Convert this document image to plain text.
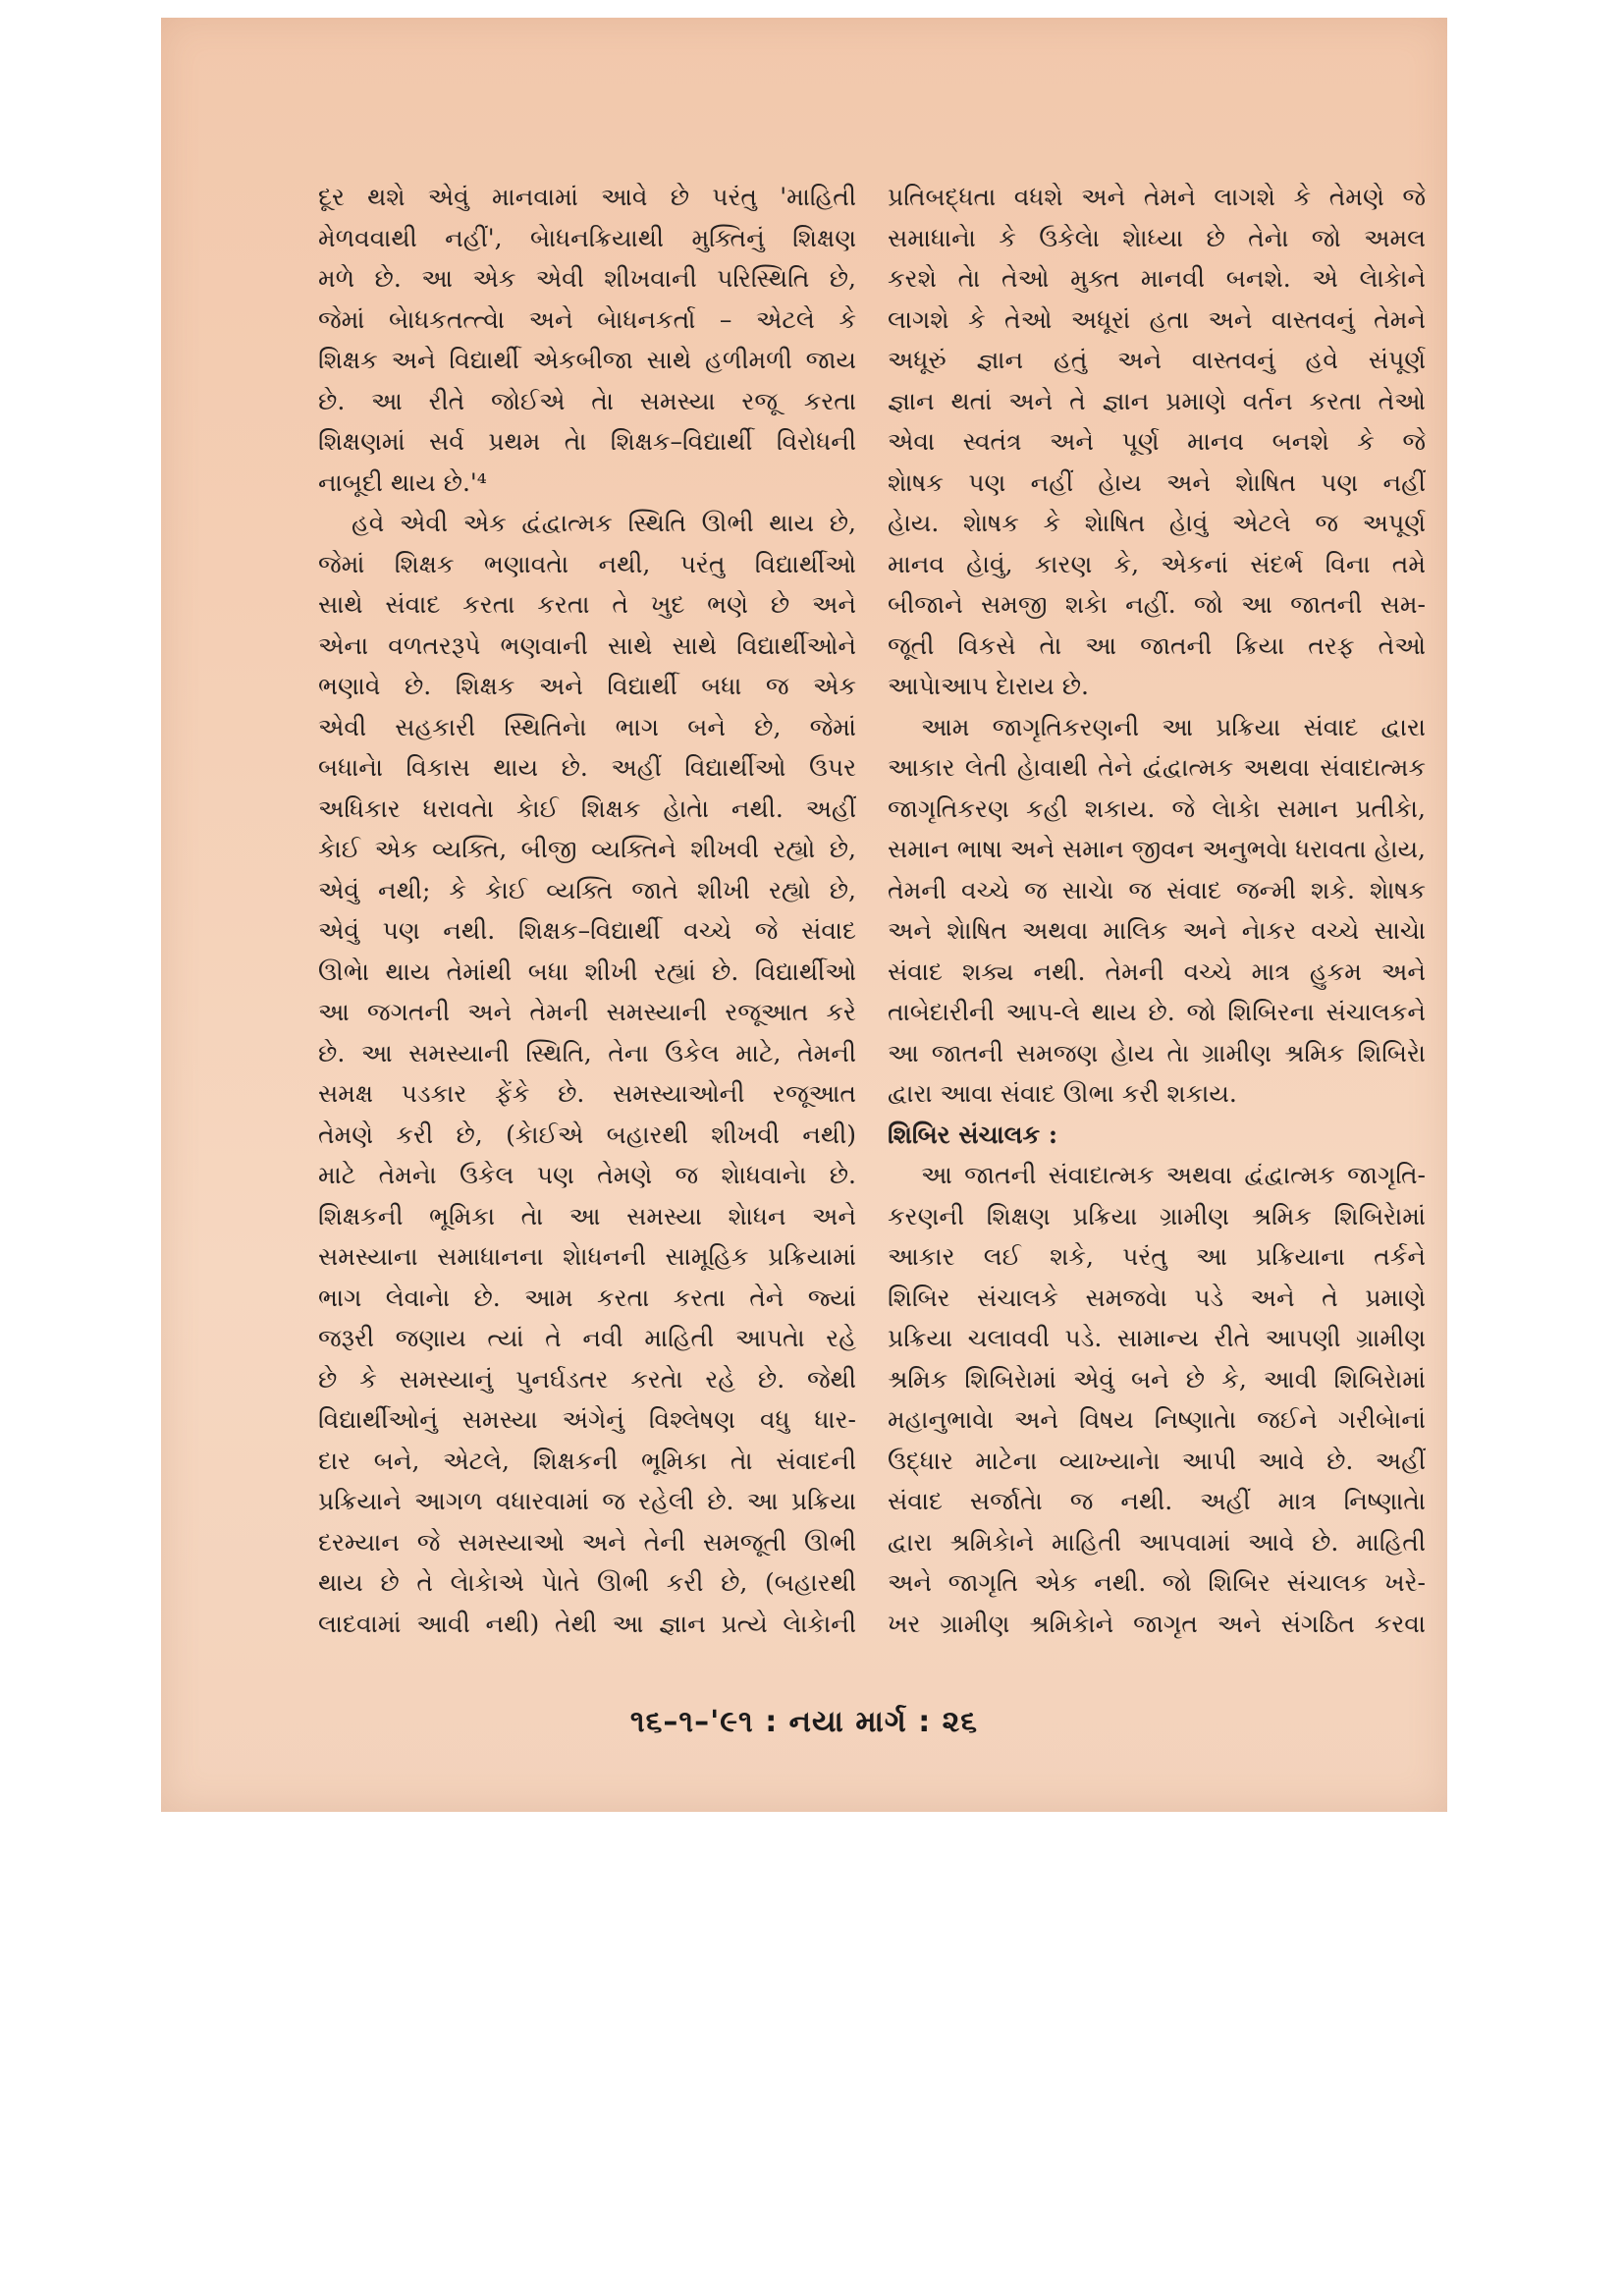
દૂર થશે એવું માનવામાં આવે છે પરંતુ 'માહિતી
મેળવવાથી નહીં', બેાધનક્રિયાથી મુક્તિનું શિક્ષણ
મળે છે. આ એક એવી શીખવાની પરિસ્થિતિ છે,
જેમાં બેાધકતત્ત્વેા અને બેાધનકર્તા – એટલે કે
શિક્ષક અને વિદ્યાર્થી એકબીજા સાથે હળીમળી જાય
છે. આ રીતે જોઈએ તેા સમસ્યા રજૂ કરતા
શિક્ષણમાં સર્વ પ્રથમ તેા શિક્ષક–વિદ્યાર્થી વિરોધની
નાબૂદી થાય છે.'⁴
હવે એવી એક દ્વંદ્વાત્મક સ્થિતિ ઊભી થાય છે,
જેમાં શિક્ષક ભણાવતેા નથી, પરંતુ વિદ્યાર્થીઓ
સાથે સંવાદ કરતા કરતા તે ખુદ ભણે છે અને
એના વળતરરૂપે ભણવાની સાથે સાથે વિદ્યાર્થીઓને
ભણાવે છે. શિક્ષક અને વિદ્યાર્થી બધા જ એક
એવી સહકારી સ્થિતિનેા ભાગ બને છે, જેમાં
બધાનેા વિકાસ થાય છે. અહીં વિદ્યાર્થીઓ ઉપર
અધિકાર ધરાવતેા કેાઈ શિક્ષક હેાતેા નથી. અહીં
કેાઈ એક વ્યક્તિ, બીજી વ્યક્તિને શીખવી રહ્યો છે,
એવું નથી; કે કેાઈ વ્યક્તિ જાતે શીખી રહ્યો છે,
એવું પણ નથી. શિક્ષક–વિદ્યાર્થી વચ્ચે જે સંવાદ
ઊભેા થાય તેમાંથી બધા શીખી રહ્યાં છે. વિદ્યાર્થીઓ
આ જગતની અને તેમની સમસ્યાની રજૂઆત કરે
છે. આ સમસ્યાની સ્થિતિ, તેના ઉકેલ માટે, તેમની
સમક્ષ પડકાર ફેંકે છે. સમસ્યાઓની રજૂઆત
તેમણે કરી છે, (કેાઈએ બહારથી શીખવી નથી)
માટે તેમનેા ઉકેલ પણ તેમણે જ શેાધવાનેા છે.
શિક્ષકની ભૂમિકા તેા આ સમસ્યા શેાધન અને
સમસ્યાના સમાધાનના શેાધનની સામૂહિક પ્રક્રિયામાં
ભાગ લેવાનેા છે. આમ કરતા કરતા તેને જ્યાં
જરૂરી જણાય ત્યાં તે નવી માહિતી આપતેા રહે
છે કે સમસ્યાનું પુનર્ઘડતર કરતેા રહે છે. જેથી
વિદ્યાર્થીઓનું સમસ્યા અંગેનું વિશ્લેષણ વધુ ધાર-
દાર બને, એટલે, શિક્ષકની ભૂમિકા તેા સંવાદની
પ્રક્રિયાને આગળ વધારવામાં જ રહેલી છે. આ પ્રક્રિયા
દરમ્યાન જે સમસ્યાઓ અને તેની સમજૂતી ઊભી
થાય છે તે લેાકેાએ પેાતે ઊભી કરી છે, (બહારથી
લાદવામાં આવી નથી) તેથી આ જ્ઞાન પ્રત્યે લેાકેાની
પ્રતિબદ્ધતા વધશે અને તેમને લાગશે કે તેમણે જે
સમાધાનેા કે ઉકેલેા શેાધ્યા છે તેનેા જો અમલ
કરશે તેા તેઓ મુક્ત માનવી બનશે. એ લેાકેાને
લાગશે કે તેઓ અધૂરાં હતા અને વાસ્તવનું તેમને
અધૂરું જ્ઞાન હતું અને વાસ્તવનું હવે સંપૂર્ણ
જ્ઞાન થતાં અને તે જ્ઞાન પ્રમાણે વર્તન કરતા તેઓ
એવા સ્વતંત્ર અને પૂર્ણ માનવ બનશે કે જે
શેાષક પણ નહીં હેાય અને શેાષિત પણ નહીં
હેાય. શેાષક કે શેાષિત હેાવું એટલે જ અપૂર્ણ
માનવ હેાવું, કારણ કે, એકનાં સંદર્ભ વિના તમે
બીજાને સમજી શકેા નહીં. જો આ જાતની સમ-
જૂતી વિકસે તેા આ જાતની ક્રિયા તરફ તેઓ
આપેાઆપ દેારાય છે.
આમ જાગૃતિકરણની આ પ્રક્રિયા સંવાદ દ્વારા
આકાર લેતી હેાવાથી તેને દ્વંદ્વાત્મક અથવા સંવાદાત્મક
જાગૃતિકરણ કહી શકાય. જે લેાકેા સમાન પ્રતીકેા,
સમાન ભાષા અને સમાન જીવન અનુભવેા ધરાવતા હેાય,
તેમની વચ્ચે જ સાચેા જ સંવાદ જન્મી શકે. શેાષક
અને શેાષિત અથવા માલિક અને નેાકર વચ્ચે સાચેા
સંવાદ શક્ય નથી. તેમની વચ્ચે માત્ર હુકમ અને
તાબેદારીની આપ-લે થાય છે. જો શિબિરના સંચાલકને
આ જાતની સમજણ હેાય તેા ગ્રામીણ શ્રમિક શિબિરેા
દ્વારા આવા સંવાદ ઊભા કરી શકાય.
શિબિર સંચાલક :
આ જાતની સંવાદાત્મક અથવા દ્વંદ્વાત્મક જાગૃતિ-
કરણની શિક્ષણ પ્રક્રિયા ગ્રામીણ શ્રમિક શિબિરેામાં
આકાર લઈ શકે, પરંતુ આ પ્રક્રિયાના તર્કને
શિબિર સંચાલકે સમજવેા પડે અને તે પ્રમાણે
પ્રક્રિયા ચલાવવી પડે. સામાન્ય રીતે આપણી ગ્રામીણ
શ્રમિક શિબિરેામાં એવું બને છે કે, આવી શિબિરેામાં
મહાનુભાવેા અને વિષય નિષ્ણાતેા જઈને ગરીબેાનાં
ઉદ્ધાર માટેના વ્યાખ્યાનેા આપી આવે છે. અહીં
સંવાદ સર્જાતેા જ નથી. અહીં માત્ર નિષ્ણાતેા
દ્વારા શ્રમિકેાને માહિતી આપવામાં આવે છે. માહિતી
અને જાગૃતિ એક નથી. જો શિબિર સંચાલક ખરે-
ખર ગ્રામીણ શ્રમિકેાને જાગૃત અને સંગઠિત કરવા
૧૬–૧–'૯૧ : નયા માર્ગ : ૨૬
